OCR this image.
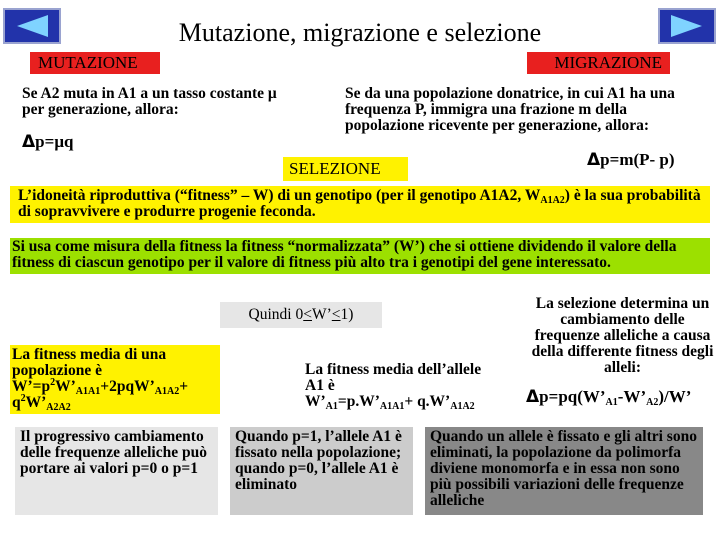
Mutazione, migrazione e selezione
MUTAZIONE
Se A2 muta in A1 a un tasso costante μ per generazione, allora:
Δp=μq
MIGRAZIONE
Se da una popolazione donatrice, in cui A1 ha una frequenza P, immigra una frazione m della popolazione ricevente per generazione, allora:
Δp=m(P- p)
SELEZIONE
L’idoneità riproduttiva (“fitness” – W) di un genotipo (per il genotipo A1A2, $W_{A1A2}$) è la sua probabilità di sopravvivere e produrre progenie feconda.
Si usa come misura della fitness la fitness “normalizzata” (W’) che si ottiene dividendo il valore della fitness di ciascun genotipo per il valore di fitness più alto tra i genotipi del gene interessato.
Quindi 0<W’<1)
La fitness media di una popolazione è
$W’=p^2W’_{A1A1}+2pqW’_{A1A2}+$
$q^2W’_{A2A2}$
La fitness media dell’allele A1 è
$W’_{A1}=p.W’_{A1A1}+$ $q.W’_{A1A2}$
La selezione determina un cambiamento delle frequenze alleliche a causa della differente fitness degli alleli:
$\Delta p=pq(W’_{A1}-W’_{A2})/W$’
Il progressivo cambiamento delle frequenze alleliche può portare ai valori p=0 o p=1
Quando p=1, l’allele A1 è fissato nella popolazione; quando p=0, l’allele A1 è eliminato
Quando un allele è fissato e gli altri sono eliminati, la popolazione da polimorfa diviene monomorfa e in essa non sono più possibili variazioni delle frequenze alleliche
